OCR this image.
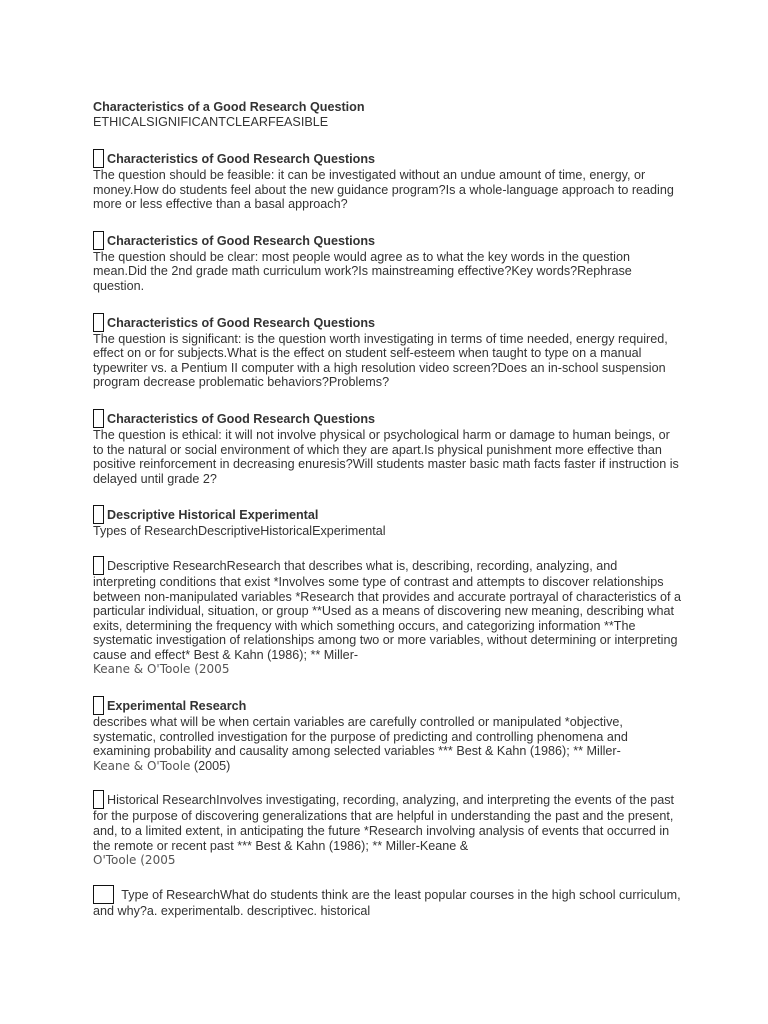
Characteristics of a Good Research Question

ETHICALSIGNIFICANTCLEARFEASIBLE

Characteristics of Good Research Questions

The question should be feasible: it can be investigated without an undue amount of time, energy, or money.How do students feel about the new guidance program?Is a whole-language approach to reading more or less effective than a basal approach?

Characteristics of Good Research Questions

The question should be clear: most people would agree as to what the key words in the question mean.Did the 2nd grade math curriculum work?Is mainstreaming effective?Key words?Rephrase question.

Characteristics of Good Research Questions

The question is significant: is the question worth investigating in terms of time needed, energy required, effect on or for subjects.What is the effect on student self-esteem when taught to type on a manual typewriter vs. a Pentium II computer with a high resolution video screen?Does an in-school suspension program decrease problematic behaviors?Problems?

Characteristics of Good Research Questions

The question is ethical: it will not involve physical or psychological harm or damage to human beings, or to the natural or social environment of which they are apart.Is physical punishment more effective than positive reinforcement in decreasing enuresis?Will students master basic math facts faster if instruction is delayed until grade 2?

Descriptive Historical Experimental

Types of ResearchDescriptiveHistoricalExperimental

Descriptive ResearchResearch that describes what is, describing, recording, analyzing, and interpreting conditions that exist *Involves some type of contrast and attempts to discover relationships between non-manipulated variables *Research that provides and accurate portrayal of characteristics of a particular individual, situation, or group **Used as a means of discovering new meaning, describing what exits, determining the frequency with which something occurs, and categorizing information **The systematic investigation of relationships among two or more variables, without determining or interpreting cause and effect* Best & Kahn (1986); ** Miller-
Keane & O'Toole (2005

Experimental Research

describes what will be when certain variables are carefully controlled or manipulated *objective, systematic, controlled investigation for the purpose of predicting and controlling phenomena and examining probability and causality among selected variables *** Best & Kahn (1986); ** Miller-
Keane & O'Toole (2005)

Historical ResearchInvolves investigating, recording, analyzing, and interpreting the events of the past for the purpose of discovering generalizations that are helpful in understanding the past and the present, and, to a limited extent, in anticipating the future *Research involving analysis of events that occurred in the remote or recent past *** Best & Kahn (1986); ** Miller-Keane &
O'Toole (2005

Type of ResearchWhat do students think are the least popular courses in the high school curriculum, and why?a. experimentalb. descriptivec. historical
